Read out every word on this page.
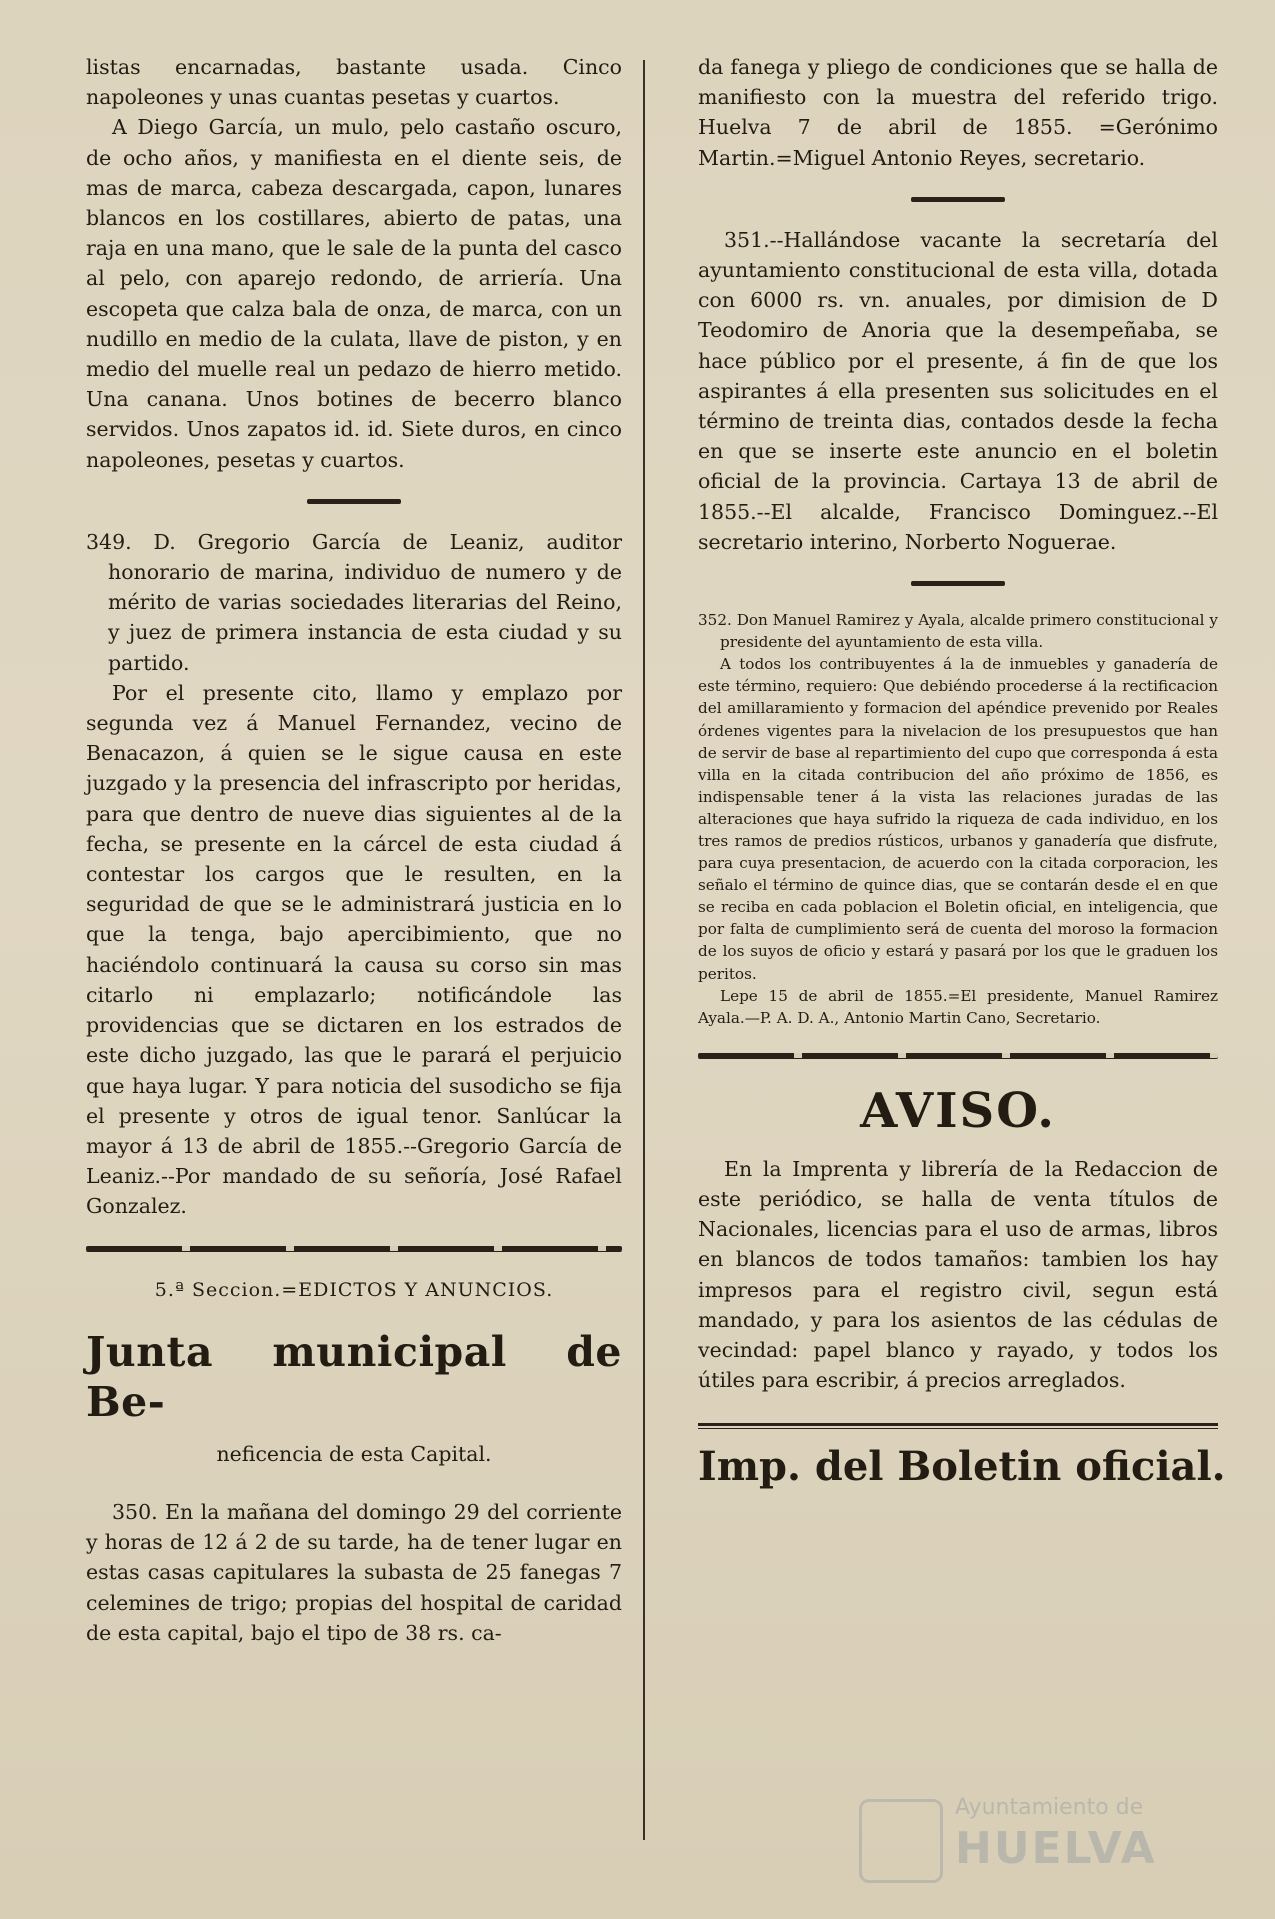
listas encarnadas, bastante usada. Cinco napoleones y unas cuantas pesetas y cuartos.

A Diego García, un mulo, pelo castaño oscuro, de ocho años, y manifiesta en el diente seis, de mas de marca, cabeza descargada, capon, lunares blancos en los costillares, abierto de patas, una raja en una mano, que le sale de la punta del casco al pelo, con aparejo redondo, de arriería. Una escopeta que calza bala de onza, de marca, con un nudillo en medio de la culata, llave de piston, y en medio del muelle real un pedazo de hierro metido. Una canana. Unos botines de becerro blanco servidos. Unos zapatos id. id. Siete duros, en cinco napoleones, pesetas y cuartos.

349. D. Gregorio García de Leaniz, auditor honorario de marina, individuo de numero y de mérito de varias sociedades literarias del Reino, y juez de primera instancia de esta ciudad y su partido.

Por el presente cito, llamo y emplazo por segunda vez á Manuel Fernandez, vecino de Benacazon, á quien se le sigue causa en este juzgado y la presencia del infrascripto por heridas, para que dentro de nueve dias siguientes al de la fecha, se presente en la cárcel de esta ciudad á contestar los cargos que le resulten, en la seguridad de que se le administrará justicia en lo que la tenga, bajo apercibimiento, que no haciéndolo continuará la causa su corso sin mas citarlo ni emplazarlo; notificándole las providencias que se dictaren en los estrados de este dicho juzgado, las que le parará el perjuicio que haya lugar. Y para noticia del susodicho se fija el presente y otros de igual tenor. Sanlúcar la mayor á 13 de abril de 1855.--Gregorio García de Leaniz.--Por mandado de su señoría, José Rafael Gonzalez.

5.ª Seccion.=EDICTOS Y ANUNCIOS.

Junta municipal de Be-

neficencia de esta Capital.

350. En la mañana del domingo 29 del corriente y horas de 12 á 2 de su tarde, ha de tener lugar en estas casas capitulares la subasta de 25 fanegas 7 celemines de trigo; propias del hospital de caridad de esta capital, bajo el tipo de 38 rs. ca-

da fanega y pliego de condiciones que se halla de manifiesto con la muestra del referido trigo. Huelva 7 de abril de 1855. =Gerónimo Martin.=Miguel Antonio Reyes, secretario.

351.--Hallándose vacante la secretaría del ayuntamiento constitucional de esta villa, dotada con 6000 rs. vn. anuales, por dimision de D Teodomiro de Anoria que la desempeñaba, se hace público por el presente, á fin de que los aspirantes á ella presenten sus solicitudes en el término de treinta dias, contados desde la fecha en que se inserte este anuncio en el boletin oficial de la provincia. Cartaya 13 de abril de 1855.--El alcalde, Francisco Dominguez.--El secretario interino, Norberto Noguerae.

352. Don Manuel Ramirez y Ayala, alcalde primero constitucional y presidente del ayuntamiento de esta villa.

A todos los contribuyentes á la de inmuebles y ganadería de este término, requiero: Que debiéndo procederse á la rectificacion del amillaramiento y formacion del apéndice prevenido por Reales órdenes vigentes para la nivelacion de los presupuestos que han de servir de base al repartimiento del cupo que corresponda á esta villa en la citada contribucion del año próximo de 1856, es indispensable tener á la vista las relaciones juradas de las alteraciones que haya sufrido la riqueza de cada individuo, en los tres ramos de predios rústicos, urbanos y ganadería que disfrute, para cuya presentacion, de acuerdo con la citada corporacion, les señalo el término de quince dias, que se contarán desde el en que se reciba en cada poblacion el Boletin oficial, en inteligencia, que por falta de cumplimiento será de cuenta del moroso la formacion de los suyos de oficio y estará y pasará por los que le graduen los peritos.

Lepe 15 de abril de 1855.=El presidente, Manuel Ramirez Ayala.—P. A. D. A., Antonio Martin Cano, Secretario.

AVISO.

En la Imprenta y librería de la Redaccion de este periódico, se halla de venta títulos de Nacionales, licencias para el uso de armas, libros en blancos de todos tamaños: tambien los hay impresos para el registro civil, segun está mandado, y para los asientos de las cédulas de vecindad: papel blanco y rayado, y todos los útiles para escribir, á precios arreglados.

Imp. del Boletin oficial.
Ayuntamiento de
HUELVA
